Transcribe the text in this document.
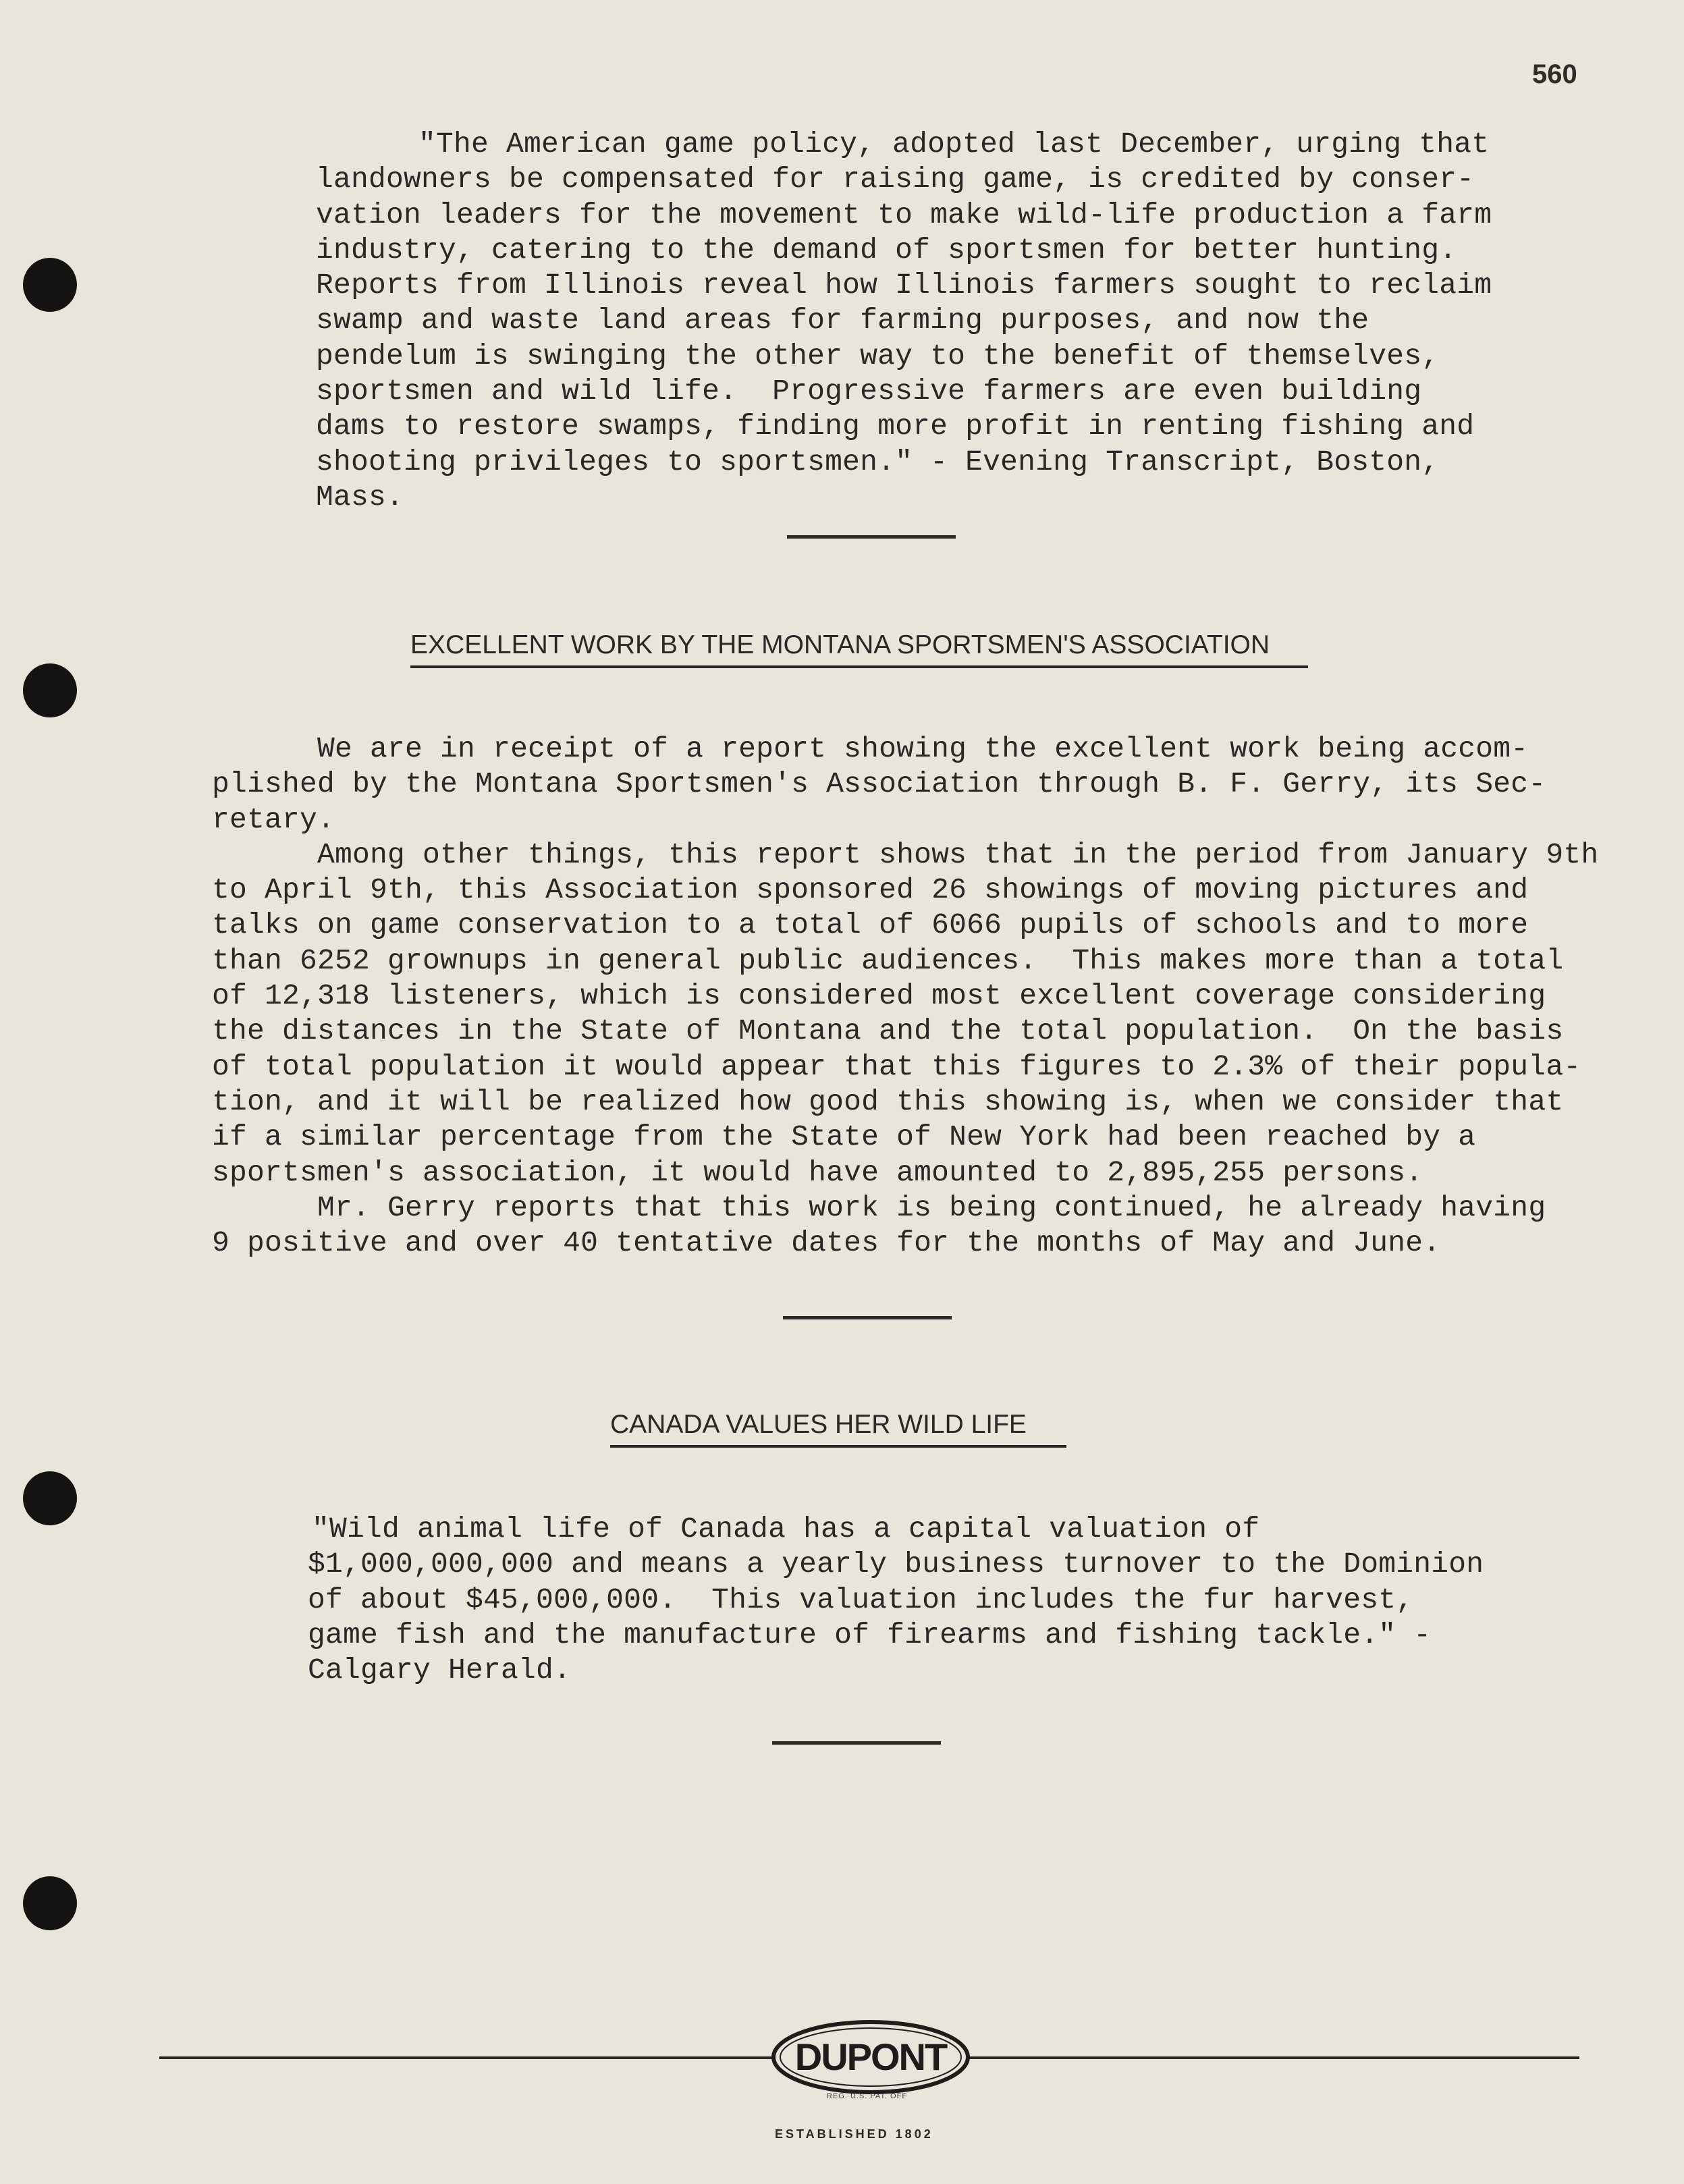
560
"The American game policy, adopted last December, urging that
landowners be compensated for raising game, is credited by conser-
vation leaders for the movement to make wild-life production a farm
industry, catering to the demand of sportsmen for better hunting.
Reports from Illinois reveal how Illinois farmers sought to reclaim
swamp and waste land areas for farming purposes, and now the
pendelum is swinging the other way to the benefit of themselves,
sportsmen and wild life.  Progressive farmers are even building
dams to restore swamps, finding more profit in renting fishing and
shooting privileges to sportsmen." - Evening Transcript, Boston,
Mass.
EXCELLENT WORK BY THE MONTANA SPORTSMEN'S ASSOCIATION
We are in receipt of a report showing the excellent work being accom-
plished by the Montana Sportsmen's Association through B. F. Gerry, its Sec-
retary.
Among other things, this report shows that in the period from January 9th
to April 9th, this Association sponsored 26 showings of moving pictures and
talks on game conservation to a total of 6066 pupils of schools and to more
than 6252 grownups in general public audiences.  This makes more than a total
of 12,318 listeners, which is considered most excellent coverage considering
the distances in the State of Montana and the total population.  On the basis
of total population it would appear that this figures to 2.3% of their popula-
tion, and it will be realized how good this showing is, when we consider that
if a similar percentage from the State of New York had been reached by a
sportsmen's association, it would have amounted to 2,895,255 persons.
Mr. Gerry reports that this work is being continued, he already having
9 positive and over 40 tentative dates for the months of May and June.
CANADA VALUES HER WILD LIFE
"Wild animal life of Canada has a capital valuation of
$1,000,000,000 and means a yearly business turnover to the Dominion
of about $45,000,000.  This valuation includes the fur harvest,
game fish and the manufacture of firearms and fishing tackle." -
Calgary Herald.
DUPONT
REG. U.S. PAT. OFF
ESTABLISHED 1802
